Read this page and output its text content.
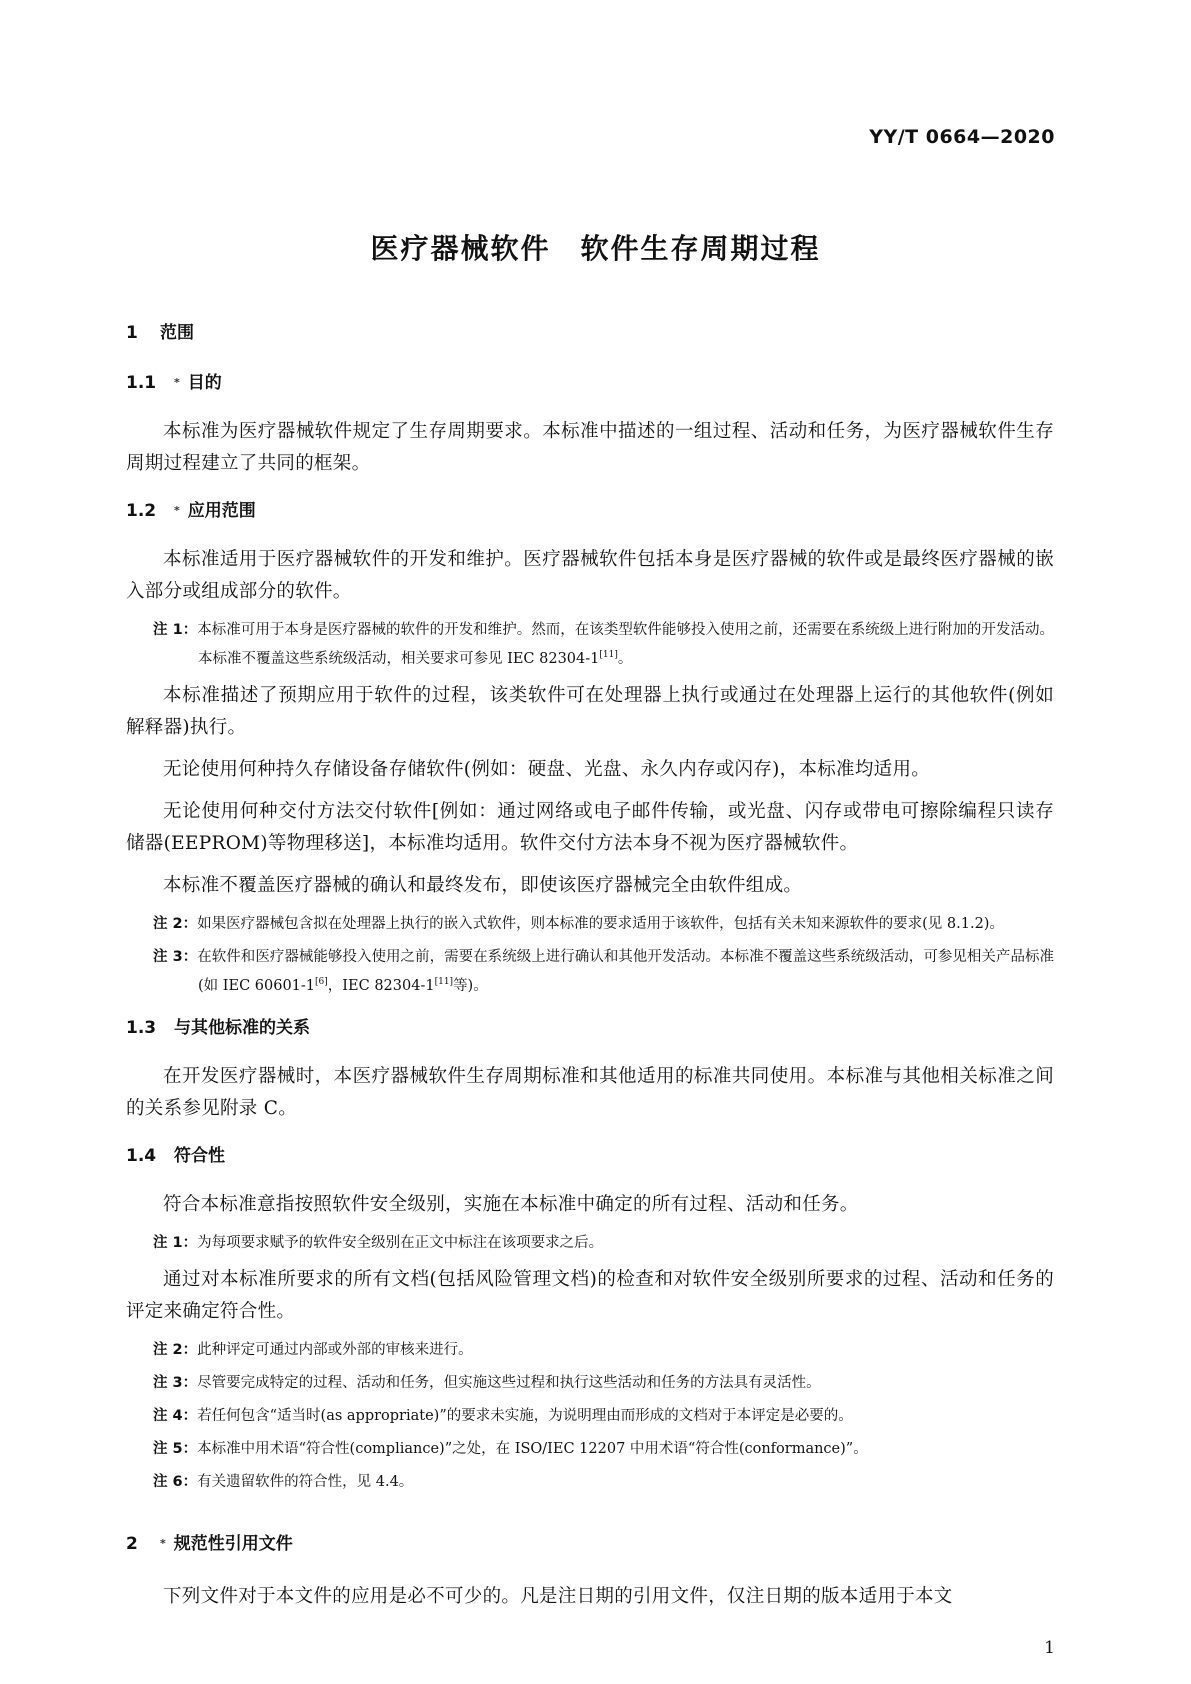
YY/T 0664—2020
医疗器械软件　软件生存周期过程
1 范围
1.1 * 目的
本标准为医疗器械软件规定了生存周期要求。本标准中描述的一组过程、活动和任务，为医疗器械软件生存周期过程建立了共同的框架。
1.2 * 应用范围
本标准适用于医疗器械软件的开发和维护。医疗器械软件包括本身是医疗器械的软件或是最终医疗器械的嵌入部分或组成部分的软件。
注 1：本标准可用于本身是医疗器械的软件的开发和维护。然而，在该类型软件能够投入使用之前，还需要在系统级上进行附加的开发活动。本标准不覆盖这些系统级活动，相关要求可参见 IEC 82304-1[11]。
本标准描述了预期应用于软件的过程，该类软件可在处理器上执行或通过在处理器上运行的其他软件(例如解释器)执行。
无论使用何种持久存储设备存储软件(例如：硬盘、光盘、永久内存或闪存)，本标准均适用。
无论使用何种交付方法交付软件[例如：通过网络或电子邮件传输，或光盘、闪存或带电可擦除编程只读存储器(EEPROM)等物理移送]，本标准均适用。软件交付方法本身不视为医疗器械软件。
本标准不覆盖医疗器械的确认和最终发布，即使该医疗器械完全由软件组成。
注 2：如果医疗器械包含拟在处理器上执行的嵌入式软件，则本标准的要求适用于该软件，包括有关未知来源软件的要求(见 8.1.2)。
注 3：在软件和医疗器械能够投入使用之前，需要在系统级上进行确认和其他开发活动。本标准不覆盖这些系统级活动，可参见相关产品标准(如 IEC 60601-1[6]，IEC 82304-1[11]等)。
1.3 与其他标准的关系
在开发医疗器械时，本医疗器械软件生存周期标准和其他适用的标准共同使用。本标准与其他相关标准之间的关系参见附录 C。
1.4 符合性
符合本标准意指按照软件安全级别，实施在本标准中确定的所有过程、活动和任务。
注 1：为每项要求赋予的软件安全级别在正文中标注在该项要求之后。
通过对本标准所要求的所有文档(包括风险管理文档)的检查和对软件安全级别所要求的过程、活动和任务的评定来确定符合性。
注 2：此种评定可通过内部或外部的审核来进行。
注 3：尽管要完成特定的过程、活动和任务，但实施这些过程和执行这些活动和任务的方法具有灵活性。
注 4：若任何包含“适当时(as appropriate)”的要求未实施，为说明理由而形成的文档对于本评定是必要的。
注 5：本标准中用术语“符合性(compliance)”之处，在 ISO/IEC 12207 中用术语“符合性(conformance)”。
注 6：有关遗留软件的符合性，见 4.4。
2 * 规范性引用文件
下列文件对于本文件的应用是必不可少的。凡是注日期的引用文件，仅注日期的版本适用于本文
1
